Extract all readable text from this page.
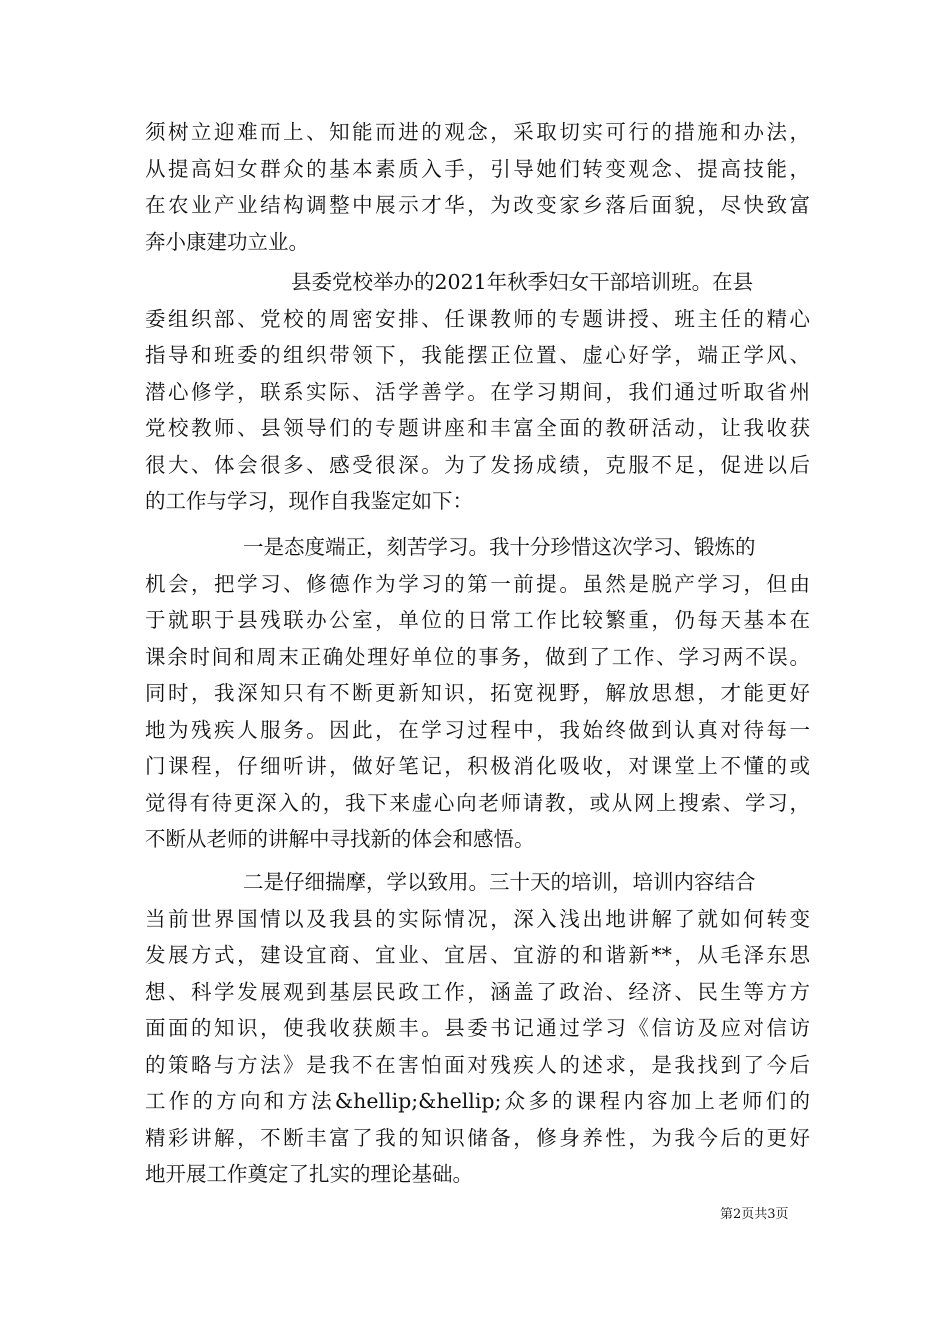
须树立迎难而上、知能而进的观念，采取切实可行的措施和办法，
从提高妇女群众的基本素质入手，引导她们转变观念、提高技能，
在农业产业结构调整中展示才华，为改变家乡落后面貌，尽快致富
奔小康建功立业。
县委党校举办的2021年秋季妇女干部培训班。在县
委组织部、党校的周密安排、任课教师的专题讲授、班主任的精心
指导和班委的组织带领下，我能摆正位置、虚心好学，端正学风、
潜心修学，联系实际、活学善学。在学习期间，我们通过听取省州
党校教师、县领导们的专题讲座和丰富全面的教研活动，让我收获
很大、体会很多、感受很深。为了发扬成绩，克服不足，促进以后
的工作与学习，现作自我鉴定如下：
一是态度端正，刻苦学习。我十分珍惜这次学习、锻炼的
机会，把学习、修德作为学习的第一前提。虽然是脱产学习，但由
于就职于县残联办公室，单位的日常工作比较繁重，仍每天基本在
课余时间和周末正确处理好单位的事务，做到了工作、学习两不误。
同时，我深知只有不断更新知识，拓宽视野，解放思想，才能更好
地为残疾人服务。因此，在学习过程中，我始终做到认真对待每一
门课程，仔细听讲，做好笔记，积极消化吸收，对课堂上不懂的或
觉得有待更深入的，我下来虚心向老师请教，或从网上搜索、学习，
不断从老师的讲解中寻找新的体会和感悟。
二是仔细揣摩，学以致用。三十天的培训，培训内容结合
当前世界国情以及我县的实际情况，深入浅出地讲解了就如何转变
发展方式，建设宜商、宜业、宜居、宜游的和谐新**，从毛泽东思
想、科学发展观到基层民政工作，涵盖了政治、经济、民生等方方
面面的知识，使我收获颇丰。县委书记通过学习《信访及应对信访
的策略与方法》是我不在害怕面对残疾人的述求，是我找到了今后
工作的方向和方法&hellip;&hellip;众多的课程内容加上老师们的
精彩讲解，不断丰富了我的知识储备，修身养性，为我今后的更好
地开展工作奠定了扎实的理论基础。
第2页共3页
